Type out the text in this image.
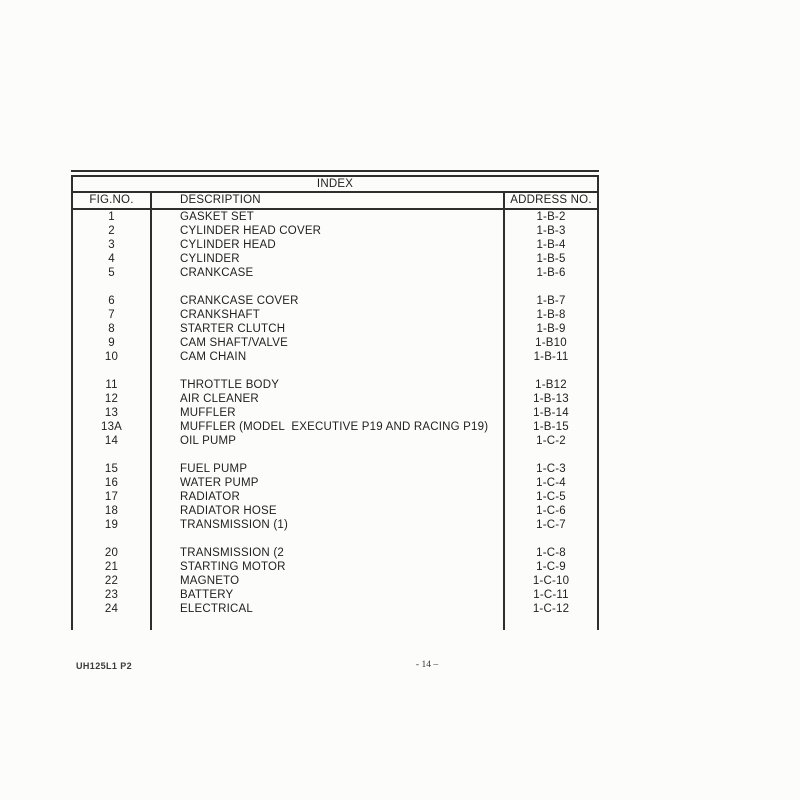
INDEX
FIG.NO.	DESCRIPTION	ADDRESS NO.
1	GASKET SET	1-B-2
2	CYLINDER HEAD COVER	1-B-3
3	CYLINDER HEAD	1-B-4
4	CYLINDER	1-B-5
5	CRANKCASE	1-B-6
6	CRANKCASE COVER	1-B-7
7	CRANKSHAFT	1-B-8
8	STARTER CLUTCH	1-B-9
9	CAM SHAFT/VALVE	1-B10
10	CAM CHAIN	1-B-11
11	THROTTLE BODY	1-B12
12	AIR CLEANER	1-B-13
13	MUFFLER	1-B-14
13A	MUFFLER (MODEL  EXECUTIVE P19 AND RACING P19)	1-B-15
14	OIL PUMP	1-C-2
15	FUEL PUMP	1-C-3
16	WATER PUMP	1-C-4
17	RADIATOR	1-C-5
18	RADIATOR HOSE	1-C-6
19	TRANSMISSION (1)	1-C-7
20	TRANSMISSION (2	1-C-8
21	STARTING MOTOR	1-C-9
22	MAGNETO	1-C-10
23	BATTERY	1-C-11
24	ELECTRICAL	1-C-12
UH125L1 P2	- 14 –
